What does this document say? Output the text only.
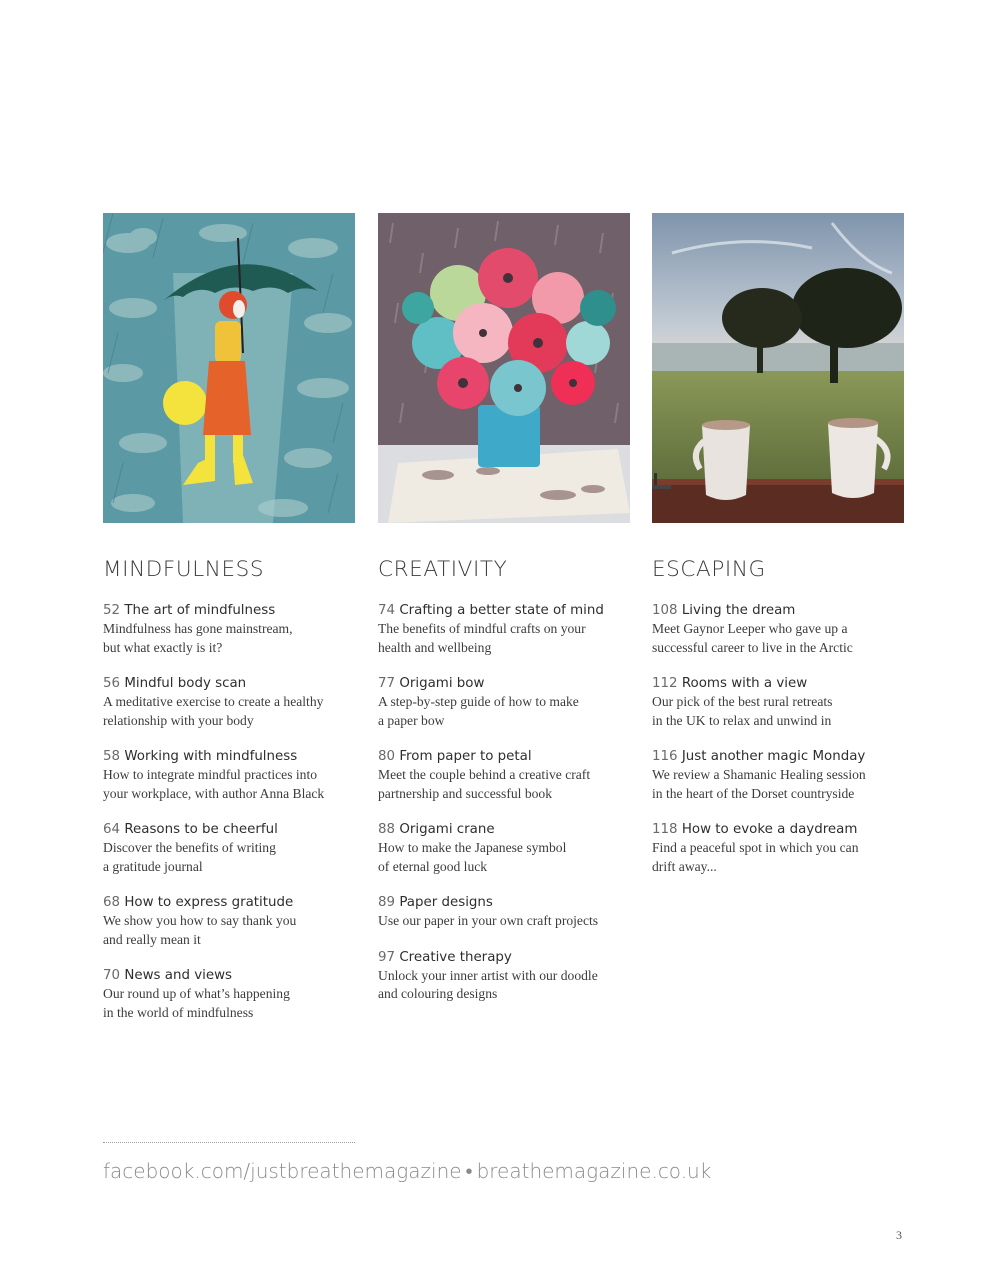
MINDFULNESS
52 The art of mindfulness
Mindfulness has gone mainstream,
but what exactly is it?
56 Mindful body scan
A meditative exercise to create a healthy
relationship with your body
58 Working with mindfulness
How to integrate mindful practices into
your workplace, with author Anna Black
64 Reasons to be cheerful
Discover the benefits of writing
a gratitude journal
68 How to express gratitude
We show you how to say thank you
and really mean it
70 News and views
Our round up of what’s happening
in the world of mindfulness
CREATIVITY
74 Crafting a better state of mind
The benefits of mindful crafts on your
health and wellbeing
77 Origami bow
A step-by-step guide of how to make
a paper bow
80 From paper to petal
Meet the couple behind a creative craft
partnership and successful book
88 Origami crane
How to make the Japanese symbol
of eternal good luck
89 Paper designs
Use our paper in your own craft projects
97 Creative therapy
Unlock your inner artist with our doodle
and colouring designs
ESCAPING
108 Living the dream
Meet Gaynor Leeper who gave up a
successful career to live in the Arctic
112 Rooms with a view
Our pick of the best rural retreats
in the UK to relax and unwind in
116 Just another magic Monday
We review a Shamanic Healing session
in the heart of the Dorset countryside
118 How to evoke a daydream
Find a peaceful spot in which you can
drift away...
facebook.com/justbreathemagazine • breathemagazine.co.uk
3
